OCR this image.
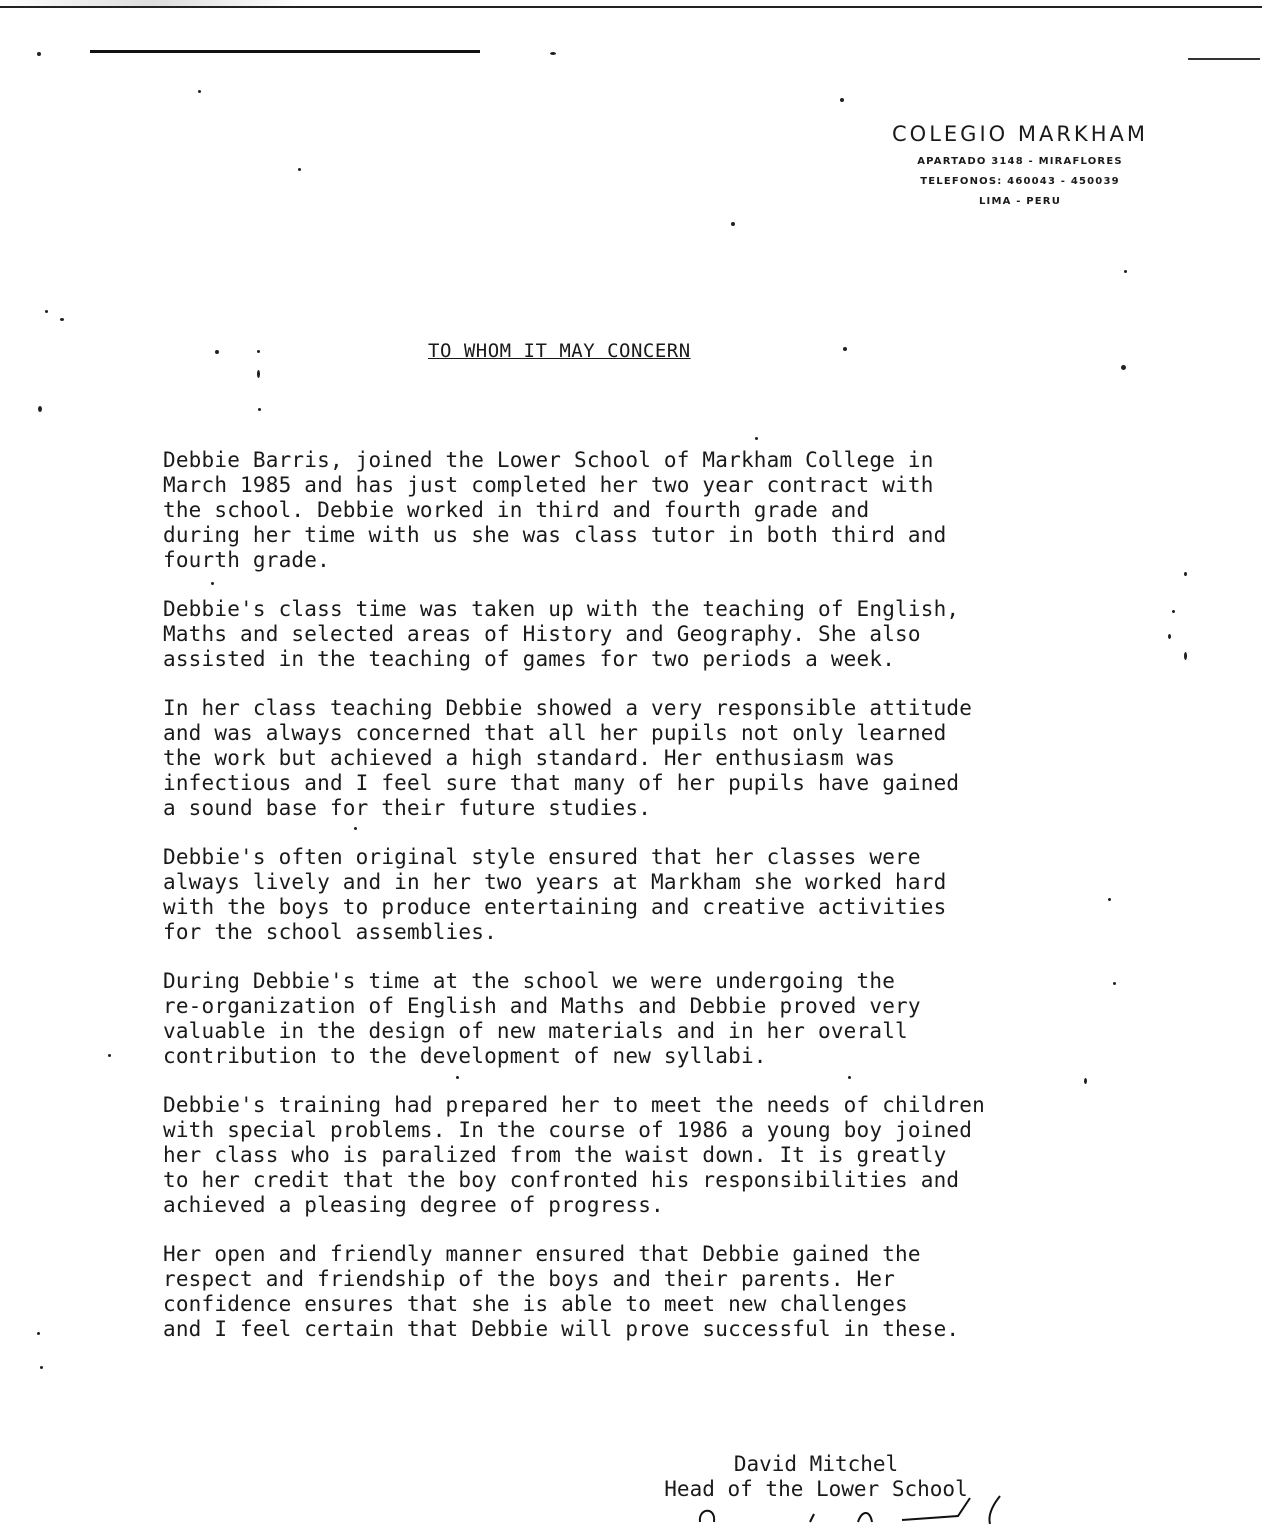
COLEGIO MARKHAM
APARTADO 3148 - MIRAFLORES
TELEFONOS: 460043 - 450039
LIMA - PERU
TO WHOM IT MAY CONCERN

Debbie Barris, joined the Lower School of Markham College in
March 1985 and has just completed her two year contract with
the school. Debbie worked in third and fourth grade and
during her time with us she was class tutor in both third and
fourth grade.

Debbie's class time was taken up with the teaching of English,
Maths and selected areas of History and Geography. She also
assisted in the teaching of games for two periods a week.

In her class teaching Debbie showed a very responsible attitude
and was always concerned that all her pupils not only learned
the work but achieved a high standard. Her enthusiasm was
infectious and I feel sure that many of her pupils have gained
a sound base for their future studies.

Debbie's often original style ensured that her classes were
always lively and in her two years at Markham she worked hard
with the boys to produce entertaining and creative activities
for the school assemblies.

During Debbie's time at the school we were undergoing the
re-organization of English and Maths and Debbie proved very
valuable in the design of new materials and in her overall
contribution to the development of new syllabi.

Debbie's training had prepared her to meet the needs of children
with special problems. In the course of 1986 a young boy joined
her class who is paralized from the waist down. It is greatly
to her credit that the boy confronted his responsibilities and
achieved a pleasing degree of progress.

Her open and friendly manner ensured that Debbie gained the
respect and friendship of the boys and their parents. Her
confidence ensures that she is able to meet new challenges
and I feel certain that Debbie will prove successful in these.

David Mitchel
Head of the Lower School
